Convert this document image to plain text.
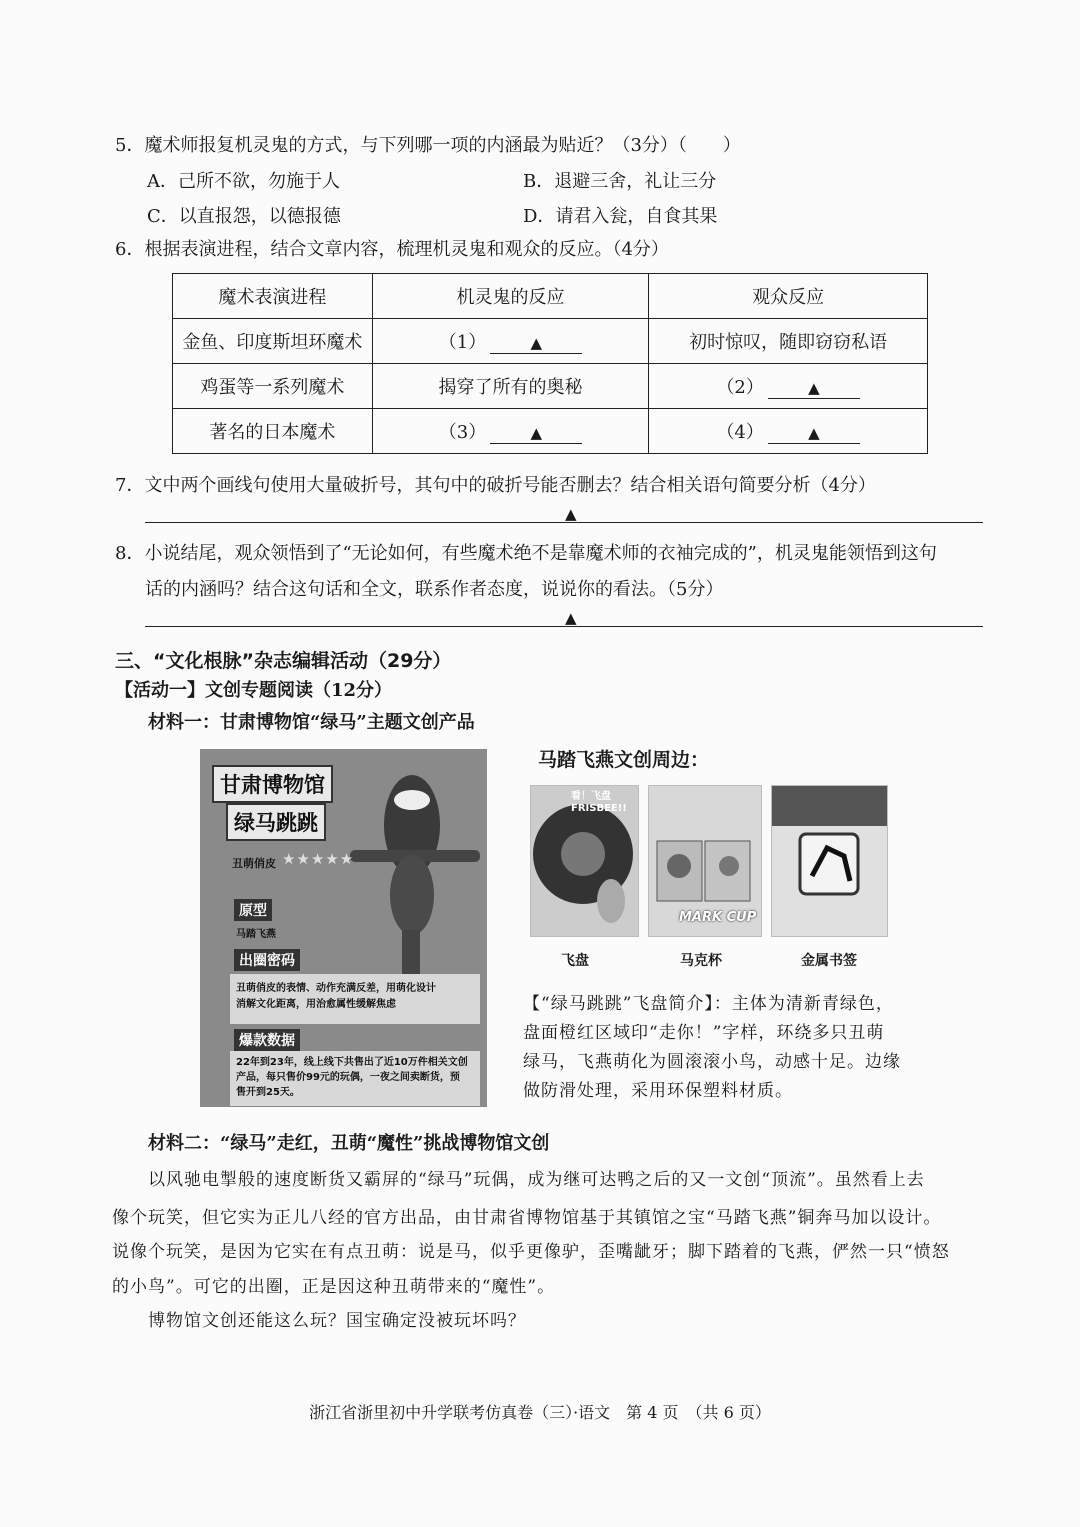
5．魔术师报复机灵鬼的方式，与下列哪一项的内涵最为贴近？（3分）（　　）
A．己所不欲，勿施于人	B．退避三舍，礼让三分
C．以直报怨，以德报德	D．请君入瓮，自食其果
6．根据表演进程，结合文章内容，梳理机灵鬼和观众的反应。（4分）
魔术表演进程	机灵鬼的反应	观众反应
金鱼、印度斯坦环魔术	（1） ▲	初时惊叹，随即窃窃私语
鸡蛋等一系列魔术	揭穿了所有的奥秘	（2） ▲
著名的日本魔术	（3） ▲	（4） ▲
7．文中两个画线句使用大量破折号，其句中的破折号能否删去？结合相关语句简要分析（4分）
▲
8．小说结尾，观众领悟到了“无论如何，有些魔术绝不是靠魔术师的衣袖完成的”，机灵鬼能领悟到这句
话的内涵吗？结合这句话和全文，联系作者态度，说说你的看法。（5分）
▲
三、“文化根脉”杂志编辑活动（29分）
【活动一】文创专题阅读（12分）
材料一：甘肃博物馆“绿马”主题文创产品
甘肃博物馆
绿马跳跳
丑萌俏皮 ★★★★★
原型
马踏飞燕
出圈密码
丑萌俏皮的表情、动作充满反差，用萌化设计
消解文化距离，用治愈属性缓解焦虑
爆款数据
22年到23年，线上线下共售出了近10万件相关文创
产品，每只售价99元的玩偶，一夜之间卖断货，预
售开到25天。
马踏飞燕文创周边：
看！飞盘 FRISBEE!!
MARK CUP
飞盘	马克杯	金属书签
【“绿马跳跳”飞盘简介】：主体为清新青绿色，
盘面橙红区域印“走你！”字样，环绕多只丑萌
绿马，飞燕萌化为圆滚滚小鸟，动感十足。边缘
做防滑处理，采用环保塑料材质。
材料二：“绿马”走红，丑萌“魔性”挑战博物馆文创
以风驰电掣般的速度断货又霸屏的“绿马”玩偶，成为继可达鸭之后的又一文创“顶流”。虽然看上去
像个玩笑，但它实为正儿八经的官方出品，由甘肃省博物馆基于其镇馆之宝“马踏飞燕”铜奔马加以设计。
说像个玩笑，是因为它实在有点丑萌：说是马，似乎更像驴，歪嘴龇牙；脚下踏着的飞燕，俨然一只“愤怒
的小鸟”。可它的出圈，正是因这种丑萌带来的“魔性”。
博物馆文创还能这么玩？国宝确定没被玩坏吗？
浙江省浙里初中升学联考仿真卷（三）·语文　第 4 页　（共 6 页）
